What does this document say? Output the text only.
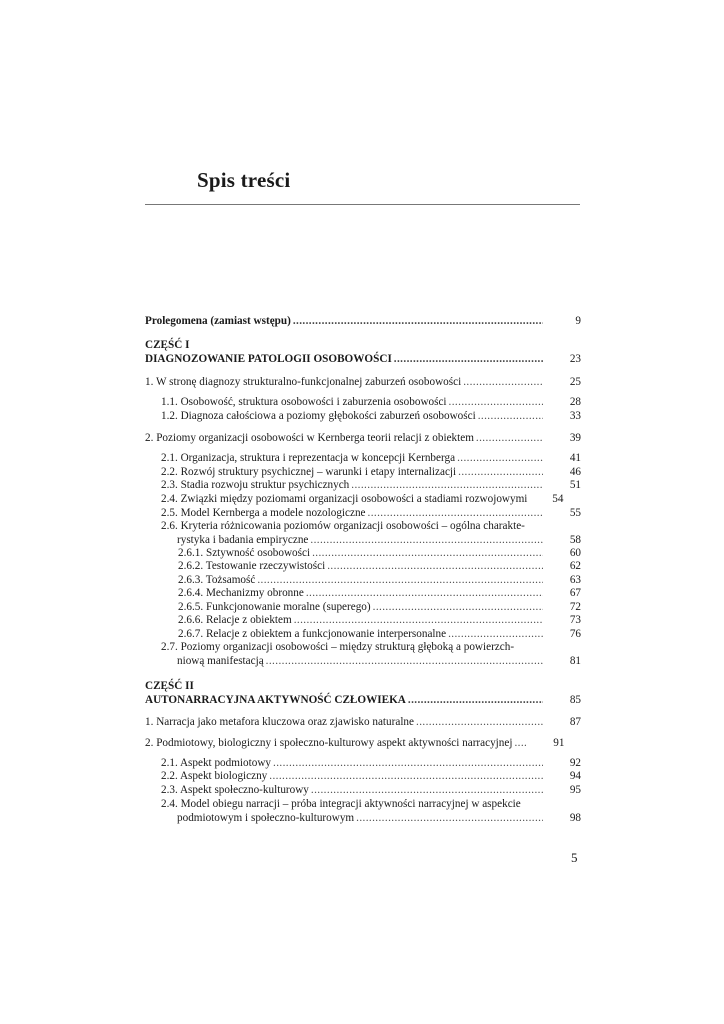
Spis treści
Prolegomena (zamiast wstępu) . . .	9
CZĘŚĆ I
DIAGNOZOWANIE PATOLOGII OSOBOWOŚCI . . .	23
1. W stronę diagnozy strukturalno-funkcjonalnej zaburzeń osobowości . . .	25
1.1. Osobowość, struktura osobowości i zaburzenia osobowości . . .	28
1.2. Diagnoza całościowa a poziomy głębokości zaburzeń osobowości . . .	33
2. Poziomy organizacji osobowości w Kernberga teorii relacji z obiektem . . .	39
2.1. Organizacja, struktura i reprezentacja w koncepcji Kernberga . . .	41
2.2. Rozwój struktury psychicznej – warunki i etapy internalizacji . . .	46
2.3. Stadia rozwoju struktur psychicznych . . .	51
2.4. Związki między poziomami organizacji osobowości a stadiami rozwojowymi	54
2.5. Model Kernberga a modele nozologiczne . . .	55
2.6. Kryteria różnicowania poziomów organizacji osobowości – ogólna charakte-
rystyka i badania empiryczne . . .	58
2.6.1. Sztywność osobowości . . .	60
2.6.2. Testowanie rzeczywistości . . .	62
2.6.3. Tożsamość . . .	63
2.6.4. Mechanizmy obronne . . .	67
2.6.5. Funkcjonowanie moralne (superego) . . .	72
2.6.6. Relacje z obiektem . . .	73
2.6.7. Relacje z obiektem a funkcjonowanie interpersonalne . . .	76
2.7. Poziomy organizacji osobowości – między strukturą głęboką a powierzch-
niową manifestacją . . .	81
CZĘŚĆ II
AUTONARRACYJNA AKTYWNOŚĆ CZŁOWIEKA . . .	85
1. Narracja jako metafora kluczowa oraz zjawisko naturalne . . .	87
2. Podmiotowy, biologiczny i społeczno-kulturowy aspekt aktywności narracyjnej . . .	91
2.1. Aspekt podmiotowy . . .	92
2.2. Aspekt biologiczny . . .	94
2.3. Aspekt społeczno-kulturowy . . .	95
2.4. Model obiegu narracji – próba integracji aktywności narracyjnej w aspekcie
podmiotowym i społeczno-kulturowym . . .	98
5
